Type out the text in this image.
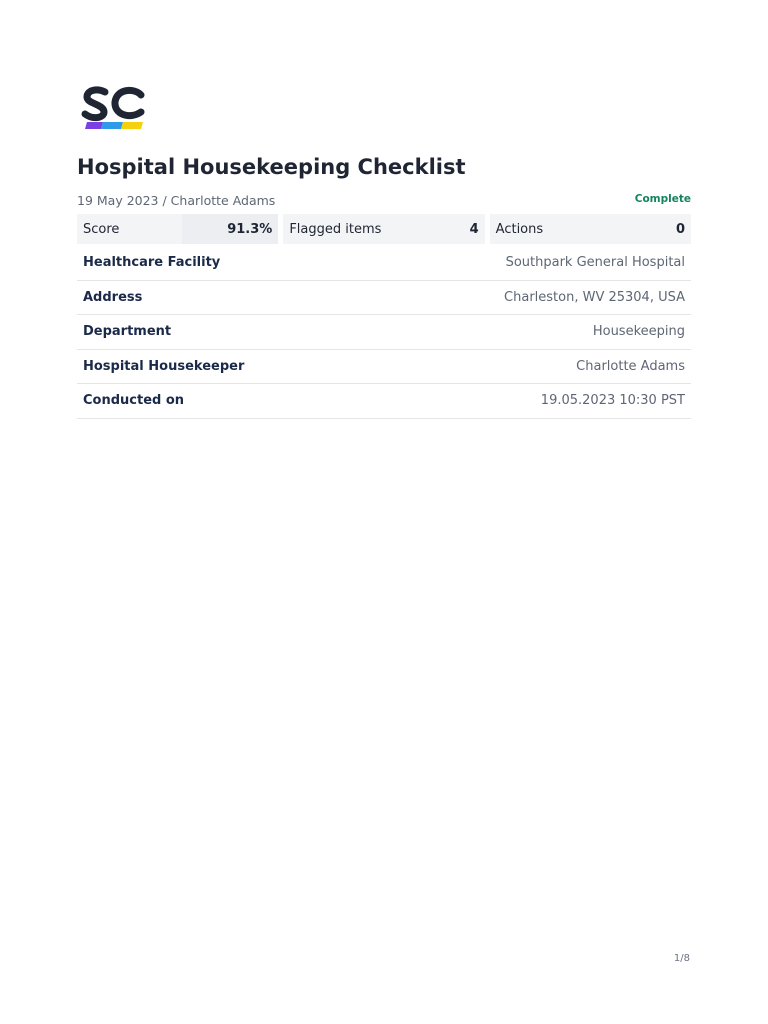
Hospital Housekeeping Checklist
19 May 2023 / Charlotte Adams	Complete
Score	91.3% Flagged items	4 Actions	0
Healthcare Facility	Southpark General Hospital
Address	Charleston, WV 25304, USA
Department	Housekeeping
Hospital Housekeeper	Charlotte Adams
Conducted on	19.05.2023 10:30 PST
1/8
